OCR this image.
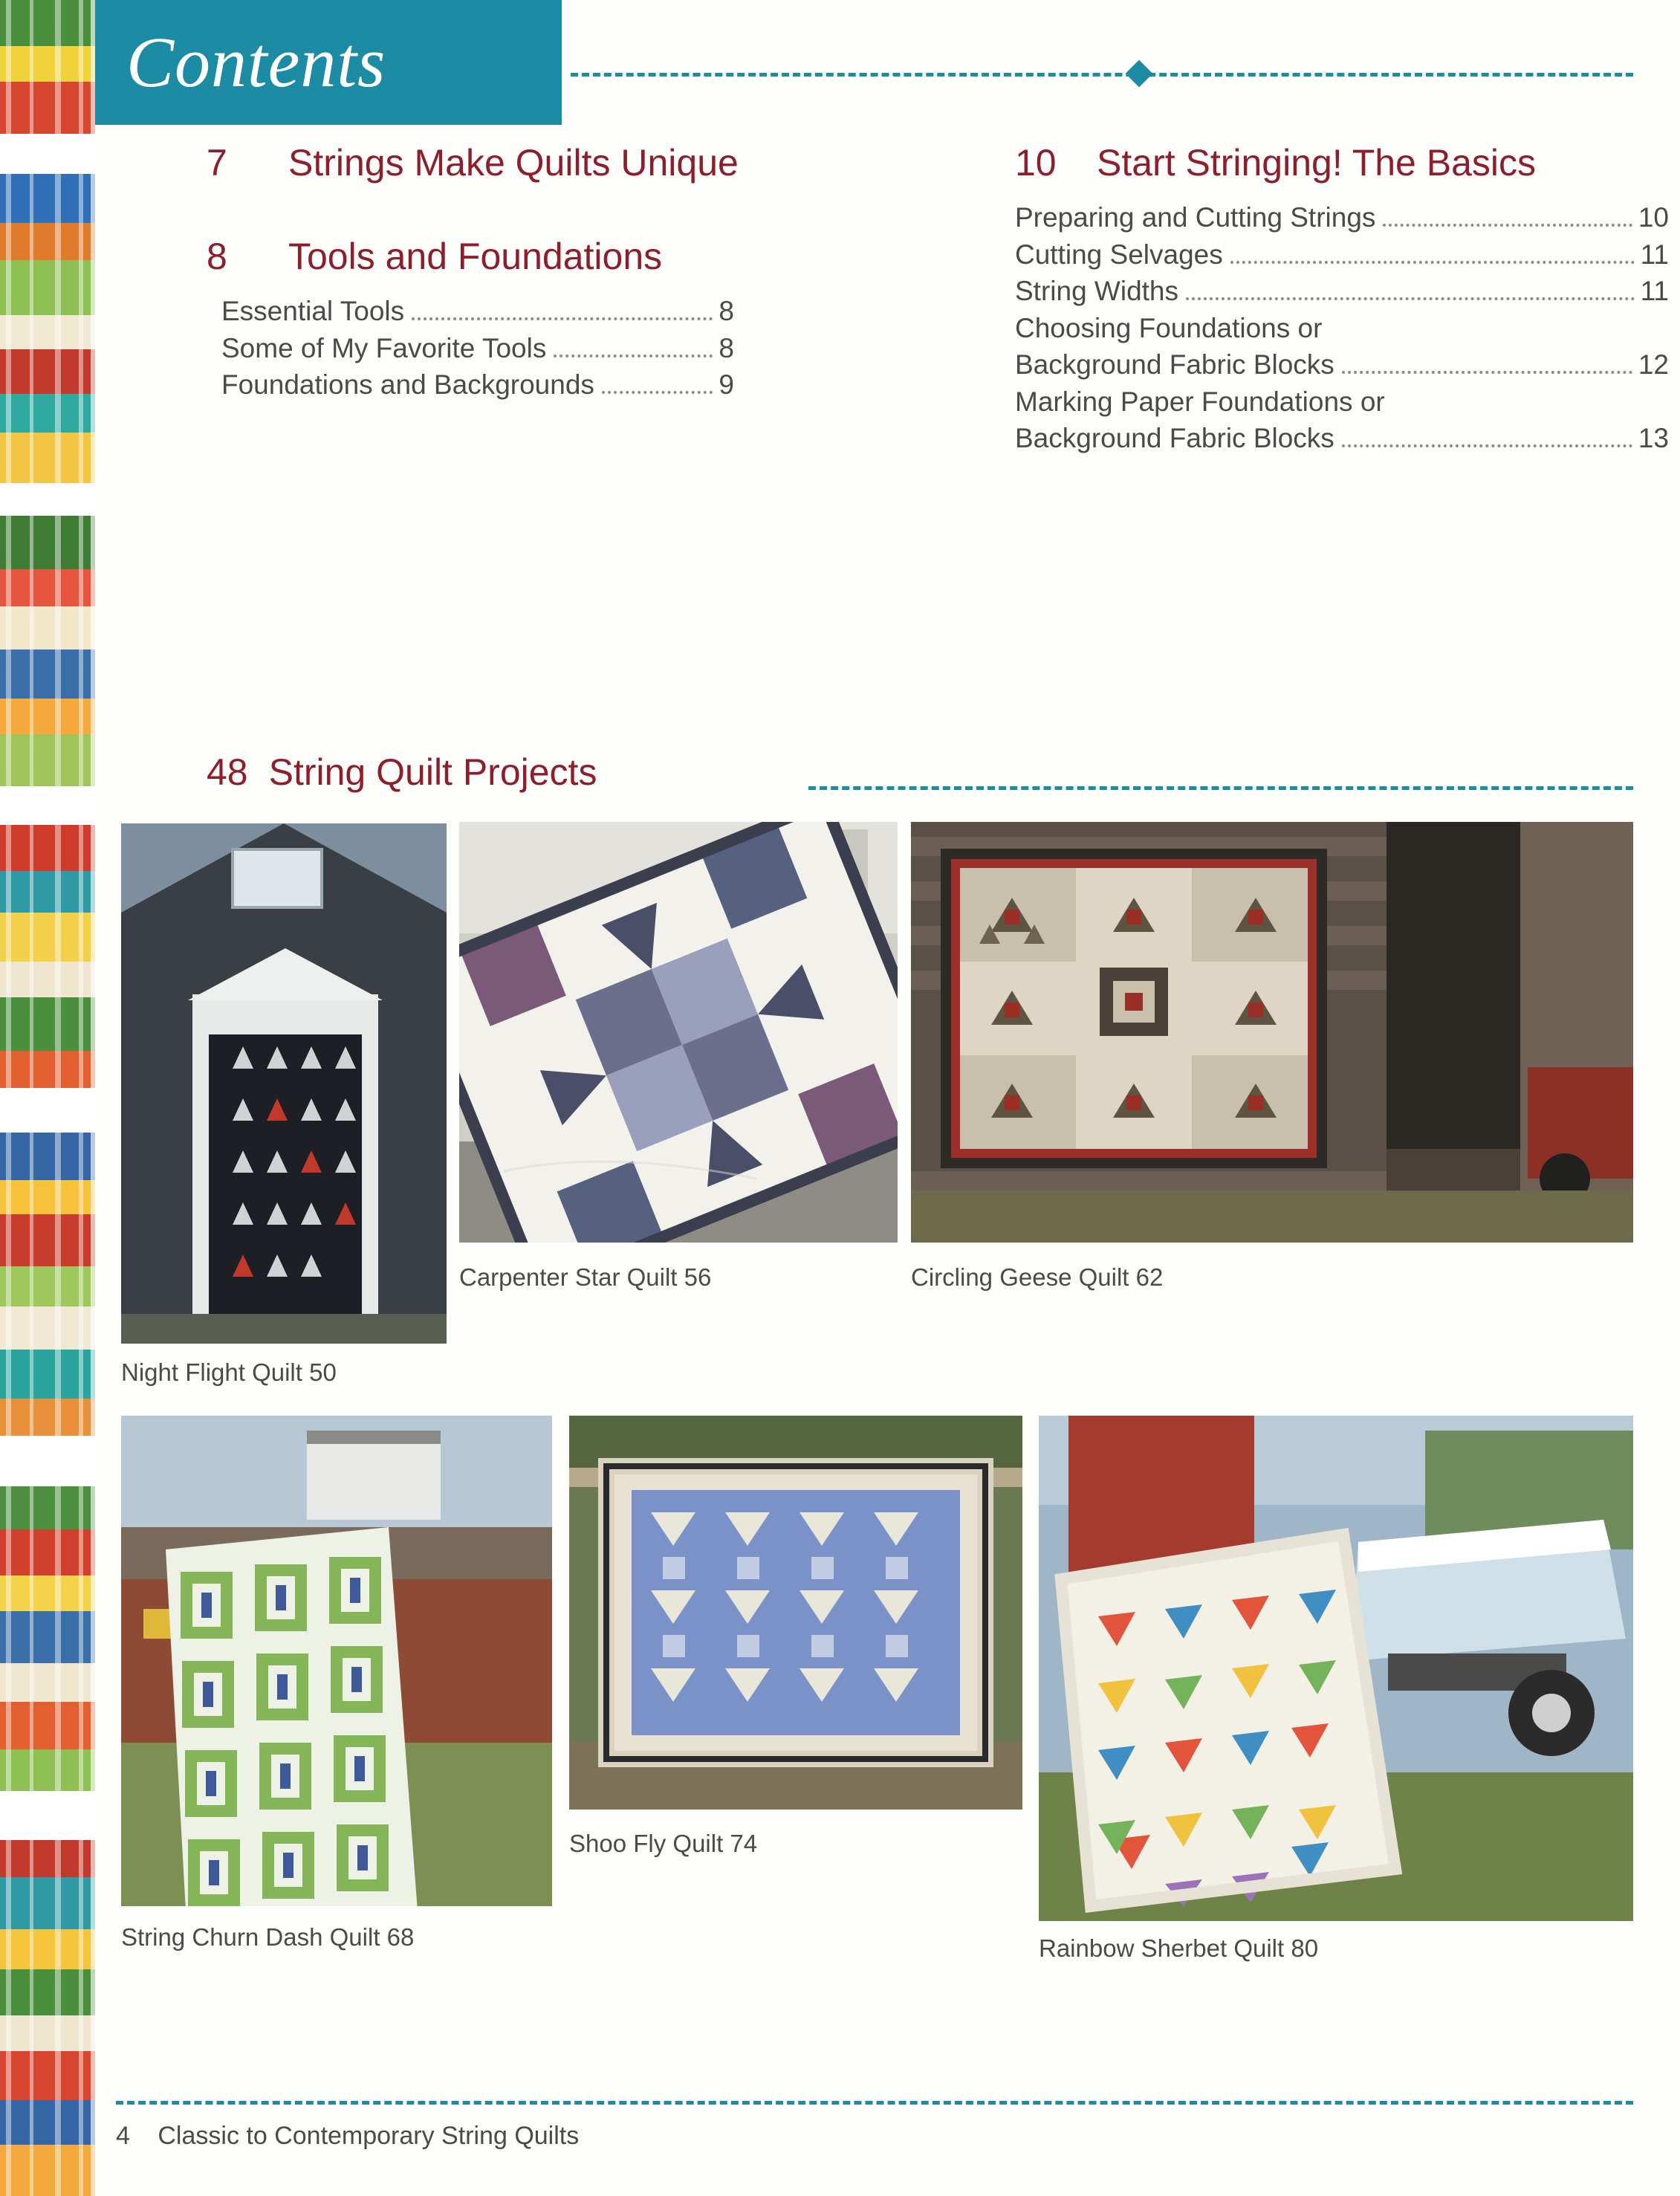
Contents
7	Strings Make Quilts Unique
8	Tools and Foundations
Essential Tools	8
Some of My Favorite Tools	8
Foundations and Backgrounds	9
10	Start Stringing! The Basics
Preparing and Cutting Strings	10
Cutting Selvages	11
String Widths	11
Choosing Foundations or
Background Fabric Blocks	12
Marking Paper Foundations or
Background Fabric Blocks	13
48 String Quilt Projects
Night Flight Quilt 50
Carpenter Star Quilt 56	Circling Geese Quilt 62
String Churn Dash Quilt 68
Shoo Fly Quilt 74
Rainbow Sherbet Quilt 80
4 Classic to Contemporary String Quilts
